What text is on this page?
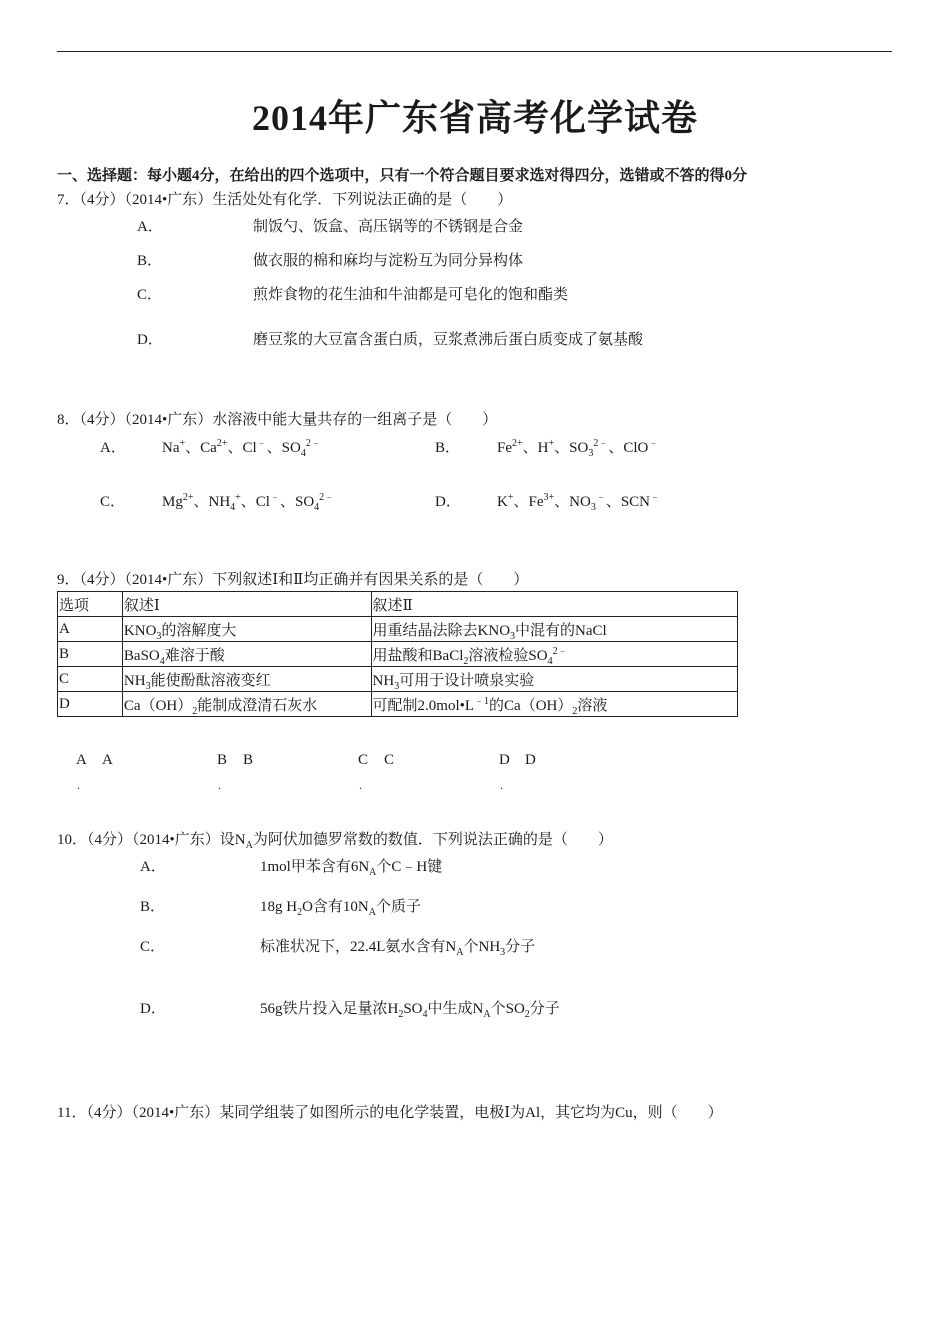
2014年广东省高考化学试卷
一、选择题：每小题4分，在给出的四个选项中，只有一个符合题目要求选对得四分，选错或不答的得0分
7．（4分）（2014•广东）生活处处有化学．下列说法正确的是（　　）
A．	制饭勺、饭盒、高压锅等的不锈钢是合金
B．	做衣服的棉和麻均与淀粉互为同分异构体
C．	煎炸食物的花生油和牛油都是可皂化的饱和酯类
D．	磨豆浆的大豆富含蛋白质，豆浆煮沸后蛋白质变成了氨基酸
8．（4分）（2014•广东）水溶液中能大量共存的一组离子是（　　）
A． Na+、$Ca^{2+}$、Cl﹣、$SO_4^{2﹣}$	B． $Fe^{2+}$、H+、$SO_3^{2﹣}$、ClO﹣
C． $Mg^{2+}$、$NH_4^+$、Cl﹣、$SO_4^{2﹣}$	D． K+、$Fe^{3+}$、$NO_3^﹣$、SCN﹣
9．（4分）（2014•广东）下列叙述Ⅰ和Ⅱ均正确并有因果关系的是（　　）
选项	叙述Ⅰ	叙述Ⅱ
A	$KNO_3$的溶解度大	用重结晶法除去$KNO_3$中混有的NaCl
B	BaSO$_4$难溶于酸	用盐酸和BaCl$_2$溶液检验$SO_4^{2﹣}$
C	$NH_3$能使酚酞溶液变红	$NH_3$可用于设计喷泉实验
D	$Ca(OH)_2$能制成澄清石灰水	可配制$2.0mol•L^{﹣1}$的$Ca(OH)_2$溶液
A A
.
B B
.
C C
.
D D
.
10．（4分）（2014•广东）设$N_A$为阿伏加德罗常数的数值．下列说法正确的是（　　）
A．	1mol甲苯含有$6N_A$个C﹣H键
B．	18g $H_2O$含有$10N_A$个质子
C．	标准状况下，22.4L氨水含有$N_A$个$NH_3$分子
D．	56g铁片投入足量浓$H_2SO_4$中生成$N_A$个$SO_2$分子
11．（4分）（2014•广东）某同学组装了如图所示的电化学装置，电极Ⅰ为Al，其它均为Cu，则（　　）
